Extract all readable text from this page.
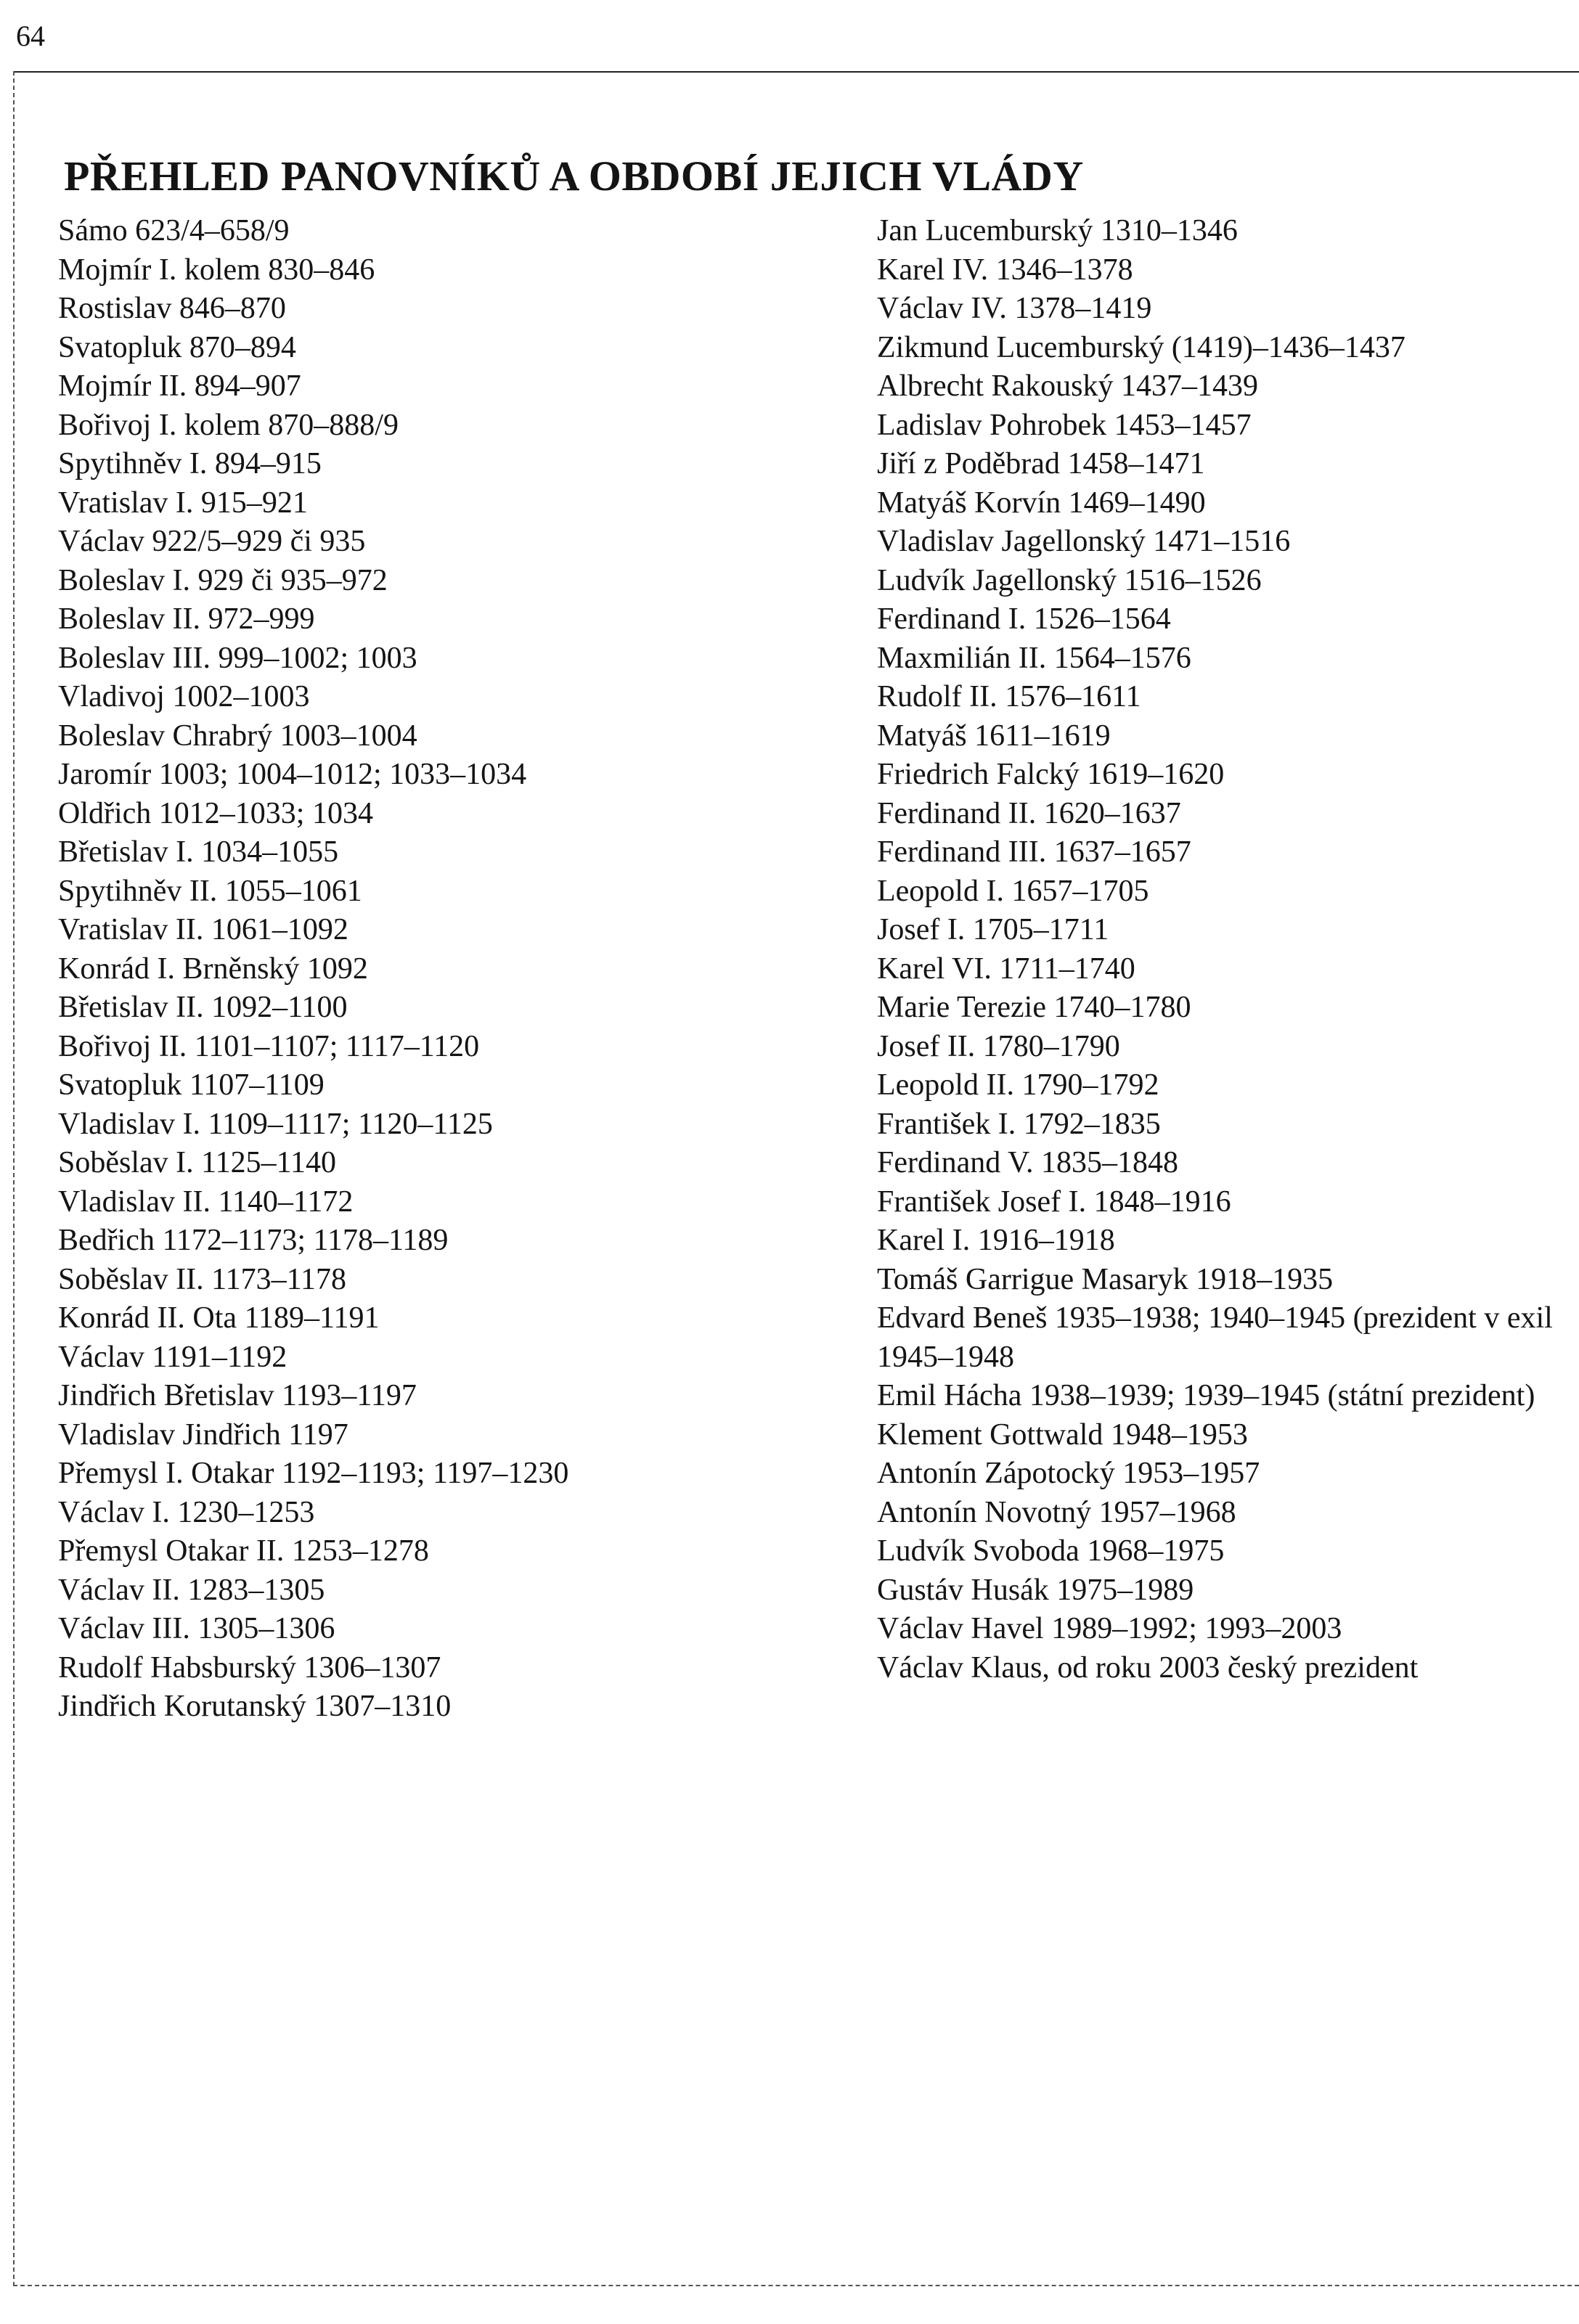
64
PŘEHLED PANOVNÍKŮ A OBDOBÍ JEJICH VLÁDY
Sámo 623/4–658/9
Mojmír I. kolem 830–846
Rostislav 846–870
Svatopluk 870–894
Mojmír II. 894–907
Bořivoj I. kolem 870–888/9
Spytihněv I. 894–915
Vratislav I. 915–921
Václav 922/5–929 či 935
Boleslav I. 929 či 935–972
Boleslav II. 972–999
Boleslav III. 999–1002; 1003
Vladivoj 1002–1003
Boleslav Chrabrý 1003–1004
Jaromír 1003; 1004–1012; 1033–1034
Oldřich 1012–1033; 1034
Břetislav I. 1034–1055
Spytihněv II. 1055–1061
Vratislav II. 1061–1092
Konrád I. Brněnský 1092
Břetislav II. 1092–1100
Bořivoj II. 1101–1107; 1117–1120
Svatopluk 1107–1109
Vladislav I. 1109–1117; 1120–1125
Soběslav I. 1125–1140
Vladislav II. 1140–1172
Bedřich 1172–1173; 1178–1189
Soběslav II. 1173–1178
Konrád II. Ota 1189–1191
Václav 1191–1192
Jindřich Břetislav 1193–1197
Vladislav Jindřich 1197
Přemysl I. Otakar 1192–1193; 1197–1230
Václav I. 1230–1253
Přemysl Otakar II. 1253–1278
Václav II. 1283–1305
Václav III. 1305–1306
Rudolf Habsburský 1306–1307
Jindřich Korutanský 1307–1310
Jan Lucemburský 1310–1346
Karel IV. 1346–1378
Václav IV. 1378–1419
Zikmund Lucemburský (1419)–1436–1437
Albrecht Rakouský 1437–1439
Ladislav Pohrobek 1453–1457
Jiří z Poděbrad 1458–1471
Matyáš Korvín 1469–1490
Vladislav Jagellonský 1471–1516
Ludvík Jagellonský 1516–1526
Ferdinand I. 1526–1564
Maxmilián II. 1564–1576
Rudolf II. 1576–1611
Matyáš 1611–1619
Friedrich Falcký 1619–1620
Ferdinand II. 1620–1637
Ferdinand III. 1637–1657
Leopold I. 1657–1705
Josef I. 1705–1711
Karel VI. 1711–1740
Marie Terezie 1740–1780
Josef II. 1780–1790
Leopold II. 1790–1792
František I. 1792–1835
Ferdinand V. 1835–1848
František Josef I. 1848–1916
Karel I. 1916–1918
Tomáš Garrigue Masaryk 1918–1935
Edvard Beneš 1935–1938; 1940–1945 (prezident v exil
1945–1948
Emil Hácha 1938–1939; 1939–1945 (státní prezident)
Klement Gottwald 1948–1953
Antonín Zápotocký 1953–1957
Antonín Novotný 1957–1968
Ludvík Svoboda 1968–1975
Gustáv Husák 1975–1989
Václav Havel 1989–1992; 1993–2003
Václav Klaus, od roku 2003 český prezident
